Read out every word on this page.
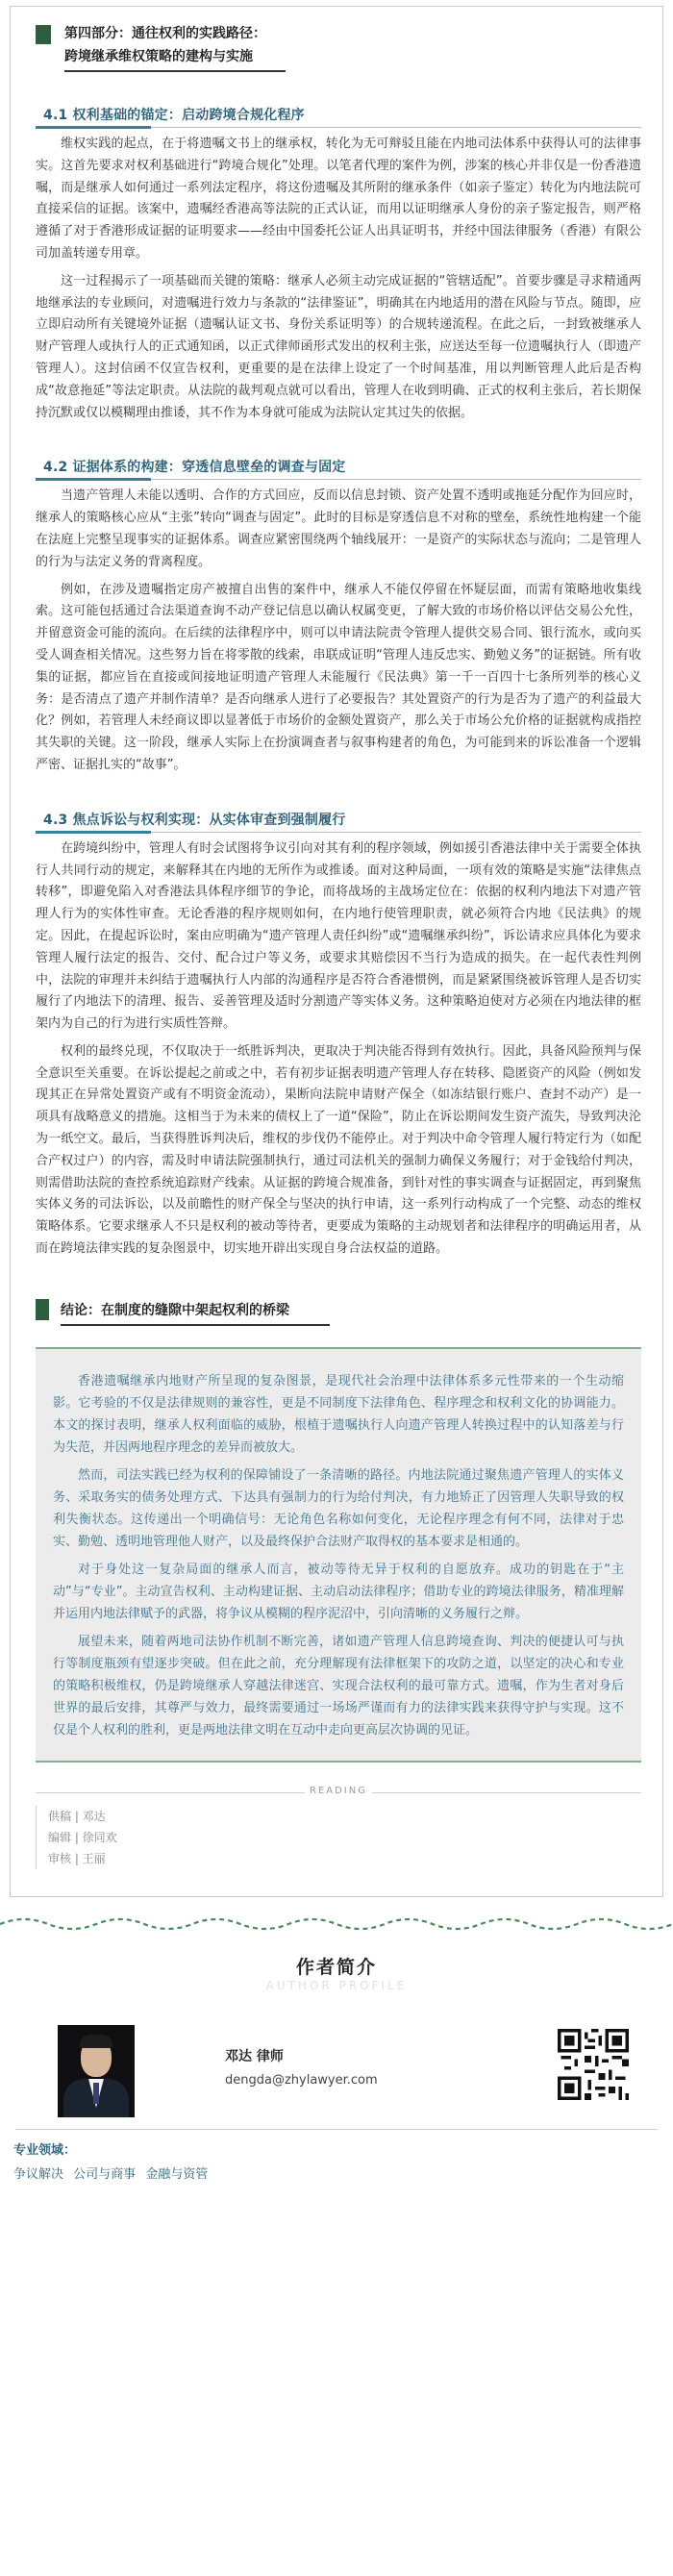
第四部分：通往权利的实践路径：
跨境继承维权策略的建构与实施
4.1 权利基础的锚定：启动跨境合规化程序

维权实践的起点，在于将遗嘱文书上的继承权，转化为无可辩驳且能在内地司法体系中获得认可的法律事实。这首先要求对权利基础进行“跨境合规化”处理。以笔者代理的案件为例，涉案的核心并非仅是一份香港遗嘱，而是继承人如何通过一系列法定程序，将这份遗嘱及其所附的继承条件（如亲子鉴定）转化为内地法院可直接采信的证据。该案中，遗嘱经香港高等法院的正式认证，而用以证明继承人身份的亲子鉴定报告，则严格遵循了对于香港形成证据的证明要求——经由中国委托公证人出具证明书，并经中国法律服务（香港）有限公司加盖转递专用章。

这一过程揭示了一项基础而关键的策略：继承人必须主动完成证据的“管辖适配”。首要步骤是寻求精通两地继承法的专业顾问，对遗嘱进行效力与条款的“法律鉴证”，明确其在内地适用的潜在风险与节点。随即，应立即启动所有关键境外证据（遗嘱认证文书、身份关系证明等）的合规转递流程。在此之后，一封致被继承人财产管理人或执行人的正式通知函，以正式律师函形式发出的权利主张，应送达至每一位遗嘱执行人（即遗产管理人）。这封信函不仅宣告权利，更重要的是在法律上设定了一个时间基准，用以判断管理人此后是否构成“故意拖延”等法定职责。从法院的裁判观点就可以看出，管理人在收到明确、正式的权利主张后，若长期保持沉默或仅以模糊理由推诿，其不作为本身就可能成为法院认定其过失的依据。

4.2 证据体系的构建：穿透信息壁垒的调查与固定

当遗产管理人未能以透明、合作的方式回应，反而以信息封锁、资产处置不透明或拖延分配作为回应时，继承人的策略核心应从“主张”转向“调查与固定”。此时的目标是穿透信息不对称的壁垒，系统性地构建一个能在法庭上完整呈现事实的证据体系。调查应紧密围绕两个轴线展开：一是资产的实际状态与流向；二是管理人的行为与法定义务的背离程度。

例如，在涉及遗嘱指定房产被擅自出售的案件中，继承人不能仅停留在怀疑层面，而需有策略地收集线索。这可能包括通过合法渠道查询不动产登记信息以确认权属变更，了解大致的市场价格以评估交易公允性，并留意资金可能的流向。在后续的法律程序中，则可以申请法院责令管理人提供交易合同、银行流水，或向买受人调查相关情况。这些努力旨在将零散的线索，串联成证明“管理人违反忠实、勤勉义务”的证据链。所有收集的证据，都应旨在直接或间接地证明遗产管理人未能履行《民法典》第一千一百四十七条所列举的核心义务：是否清点了遗产并制作清单？是否向继承人进行了必要报告？其处置资产的行为是否为了遗产的利益最大化？例如，若管理人未经商议即以显著低于市场价的金额处置资产，那么关于市场公允价格的证据就构成指控其失职的关键。这一阶段，继承人实际上在扮演调查者与叙事构建者的角色，为可能到来的诉讼准备一个逻辑严密、证据扎实的“故事”。

4.3 焦点诉讼与权利实现：从实体审查到强制履行

在跨境纠纷中，管理人有时会试图将争议引向对其有利的程序领域，例如援引香港法律中关于需要全体执行人共同行动的规定，来解释其在内地的无所作为或推诿。面对这种局面，一项有效的策略是实施“法律焦点转移”，即避免陷入对香港法具体程序细节的争论，而将战场的主战场定位在：依据的权利内地法下对遗产管理人行为的实体性审查。无论香港的程序规则如何，在内地行使管理职责，就必须符合内地《民法典》的规定。因此，在提起诉讼时，案由应明确为“遗产管理人责任纠纷”或“遗嘱继承纠纷”，诉讼请求应具体化为要求管理人履行法定的报告、交付、配合过户等义务，或要求其赔偿因不当行为造成的损失。在一起代表性判例中，法院的审理并未纠结于遗嘱执行人内部的沟通程序是否符合香港惯例，而是紧紧围绕被诉管理人是否切实履行了内地法下的清理、报告、妥善管理及适时分割遗产等实体义务。这种策略迫使对方必须在内地法律的框架内为自己的行为进行实质性答辩。

权利的最终兑现，不仅取决于一纸胜诉判决，更取决于判决能否得到有效执行。因此，具备风险预判与保全意识至关重要。在诉讼提起之前或之中，若有初步证据表明遗产管理人存在转移、隐匿资产的风险（例如发现其正在异常处置资产或有不明资金流动），果断向法院申请财产保全（如冻结银行账户、查封不动产）是一项具有战略意义的措施。这相当于为未来的债权上了一道“保险”，防止在诉讼期间发生资产流失，导致判决沦为一纸空文。最后，当获得胜诉判决后，维权的步伐仍不能停止。对于判决中命令管理人履行特定行为（如配合产权过户）的内容，需及时申请法院强制执行，通过司法机关的强制力确保义务履行；对于金钱给付判决，则需借助法院的查控系统追踪财产线索。从证据的跨境合规准备，到针对性的事实调查与证据固定，再到聚焦实体义务的司法诉讼，以及前瞻性的财产保全与坚决的执行申请，这一系列行动构成了一个完整、动态的维权策略体系。它要求继承人不只是权利的被动等待者，更要成为策略的主动规划者和法律程序的明确运用者，从而在跨境法律实践的复杂图景中，切实地开辟出实现自身合法权益的道路。

结论：在制度的缝隙中架起权利的桥梁

香港遗嘱继承内地财产所呈现的复杂图景，是现代社会治理中法律体系多元性带来的一个生动缩影。它考验的不仅是法律规则的兼容性，更是不同制度下法律角色、程序理念和权利文化的协调能力。本文的探讨表明，继承人权利面临的威胁，根植于遗嘱执行人向遗产管理人转换过程中的认知落差与行为失范，并因两地程序理念的差异而被放大。

然而，司法实践已经为权利的保障铺设了一条清晰的路径。内地法院通过聚焦遗产管理人的实体义务、采取务实的债务处理方式、下达具有强制力的行为给付判决，有力地矫正了因管理人失职导致的权利失衡状态。这传递出一个明确信号：无论角色名称如何变化，无论程序理念有何不同，法律对于忠实、勤勉、透明地管理他人财产，以及最终保护合法财产取得权的基本要求是相通的。

对于身处这一复杂局面的继承人而言，被动等待无异于权利的自愿放弃。成功的钥匙在于“主动”与“专业”。主动宣告权利、主动构建证据、主动启动法律程序；借助专业的跨境法律服务，精准理解并运用内地法律赋予的武器，将争议从模糊的程序泥沼中，引向清晰的义务履行之辩。

展望未来，随着两地司法协作机制不断完善，诸如遗产管理人信息跨境查询、判决的便捷认可与执行等制度瓶颈有望逐步突破。但在此之前，充分理解现有法律框架下的攻防之道，以坚定的决心和专业的策略积极维权，仍是跨境继承人穿越法律迷宫、实现合法权利的最可靠方式。遗嘱，作为生者对身后世界的最后安排，其尊严与效力，最终需要通过一场场严谨而有力的法律实践来获得守护与实现。这不仅是个人权利的胜利，更是两地法律文明在互动中走向更高层次协调的见证。

READING
供稿 | 邓达
编辑 | 徐同欢
审核 | 王丽
作者简介
AUTHOR PROFILE
邓达 律师
dengda@zhylawyer.com
专业领域：
争议解决 公司与商事 金融与资管
